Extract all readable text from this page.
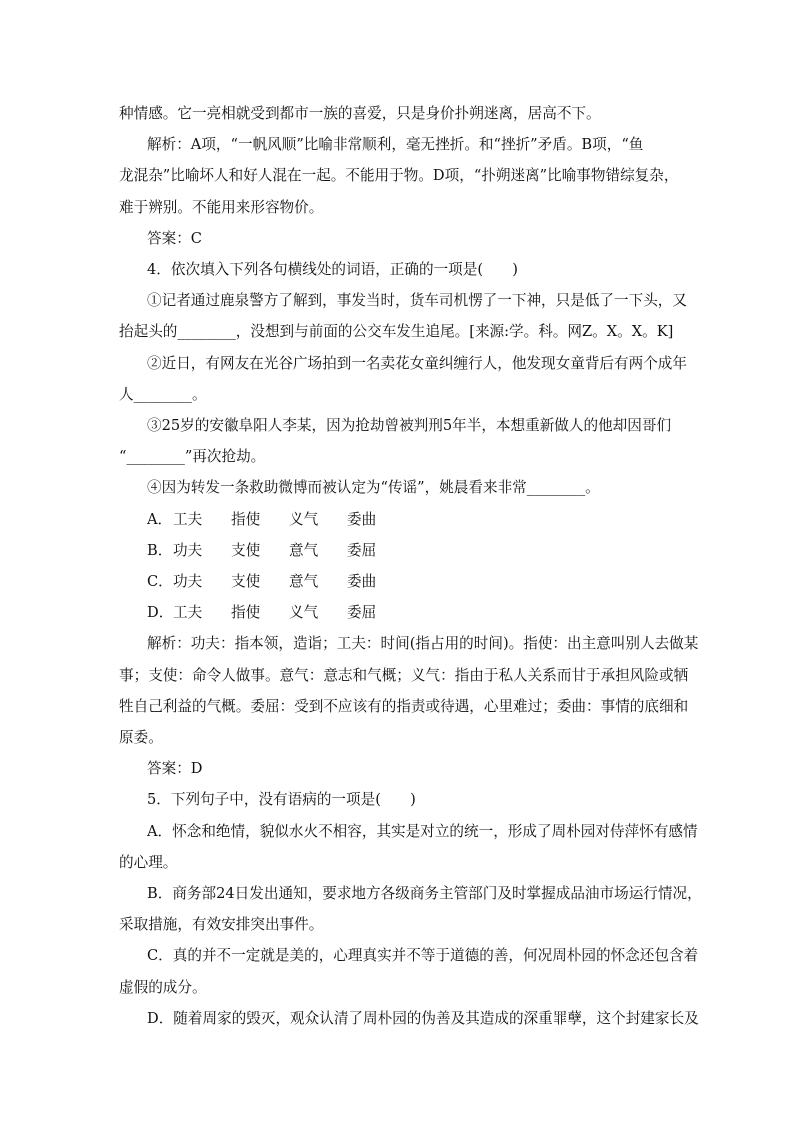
种情感。它一亮相就受到都市一族的喜爱，只是身价扑朔迷离，居高不下。

解析：A项，“一帆风顺”比喻非常顺利，毫无挫折。和“挫折”矛盾。B项，“鱼

龙混杂”比喻坏人和好人混在一起。不能用于物。D项，“扑朔迷离”比喻事物错综复杂，

难于辨别。不能用来形容物价。

答案：C

4．依次填入下列各句横线处的词语，正确的一项是(　　)

①记者通过鹿泉警方了解到，事发当时，货车司机愣了一下神，只是低了一下头，又

抬起头的________，没想到与前面的公交车发生追尾。[来源:学。科。网Z。X。X。K]

②近日，有网友在光谷广场拍到一名卖花女童纠缠行人，他发现女童背后有两个成年

人________。

③25岁的安徽阜阳人李某，因为抢劫曾被判刑5年半，本想重新做人的他却因哥们

“________”再次抢劫。

④因为转发一条救助微博而被认定为“传谣”，姚晨看来非常________。

A． 工夫	指使	义气	委曲

B． 功夫	支使	意气	委屈

C． 功夫	支使	意气	委曲

D． 工夫	指使	义气	委屈

解析：功夫：指本领，造诣；工夫：时间(指占用的时间)。指使：出主意叫别人去做某

事；支使：命令人做事。意气：意志和气概；义气：指由于私人关系而甘于承担风险或牺

牲自己利益的气概。委屈：受到不应该有的指责或待遇，心里难过；委曲：事情的底细和

原委。

答案：D

5．下列句子中，没有语病的一项是(　　)

A．怀念和绝情，貌似水火不相容，其实是对立的统一，形成了周朴园对侍萍怀有感情

的心理。

B．商务部24日发出通知，要求地方各级商务主管部门及时掌握成品油市场运行情况，

采取措施，有效安排突出事件。

C．真的并不一定就是美的，心理真实并不等于道德的善，何况周朴园的怀念还包含着

虚假的成分。

D．随着周家的毁灭，观众认清了周朴园的伪善及其造成的深重罪孽，这个封建家长及
